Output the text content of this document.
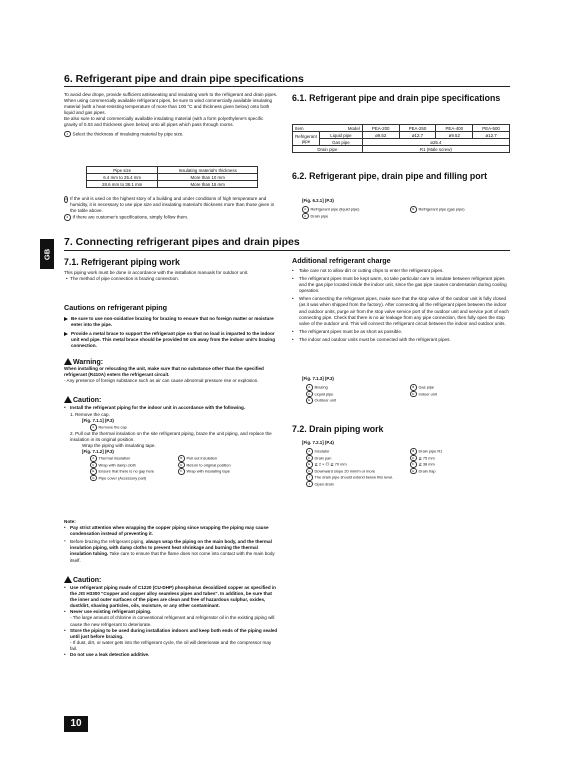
6. Refrigerant pipe and drain pipe specifications
To avoid dew drope, provide sufficient antisweating and insulating work to the refrigerant and drain pipes.
When using commercially available refrigerant pipes, be sure to wind commercially available insulating material (with a heat-resisting temperature of more than 100 °C and thickness given below) onto both liquid and gas pipes.
Be also sure to wind commercially available insulating material (with a form polyethylene's specific gravity of 0.03 and thickness given below) onto all pipes which pass through rooms.
1 Select the thickness of insulating material by pipe size.
Pipe size	Insulating material's thickness
6.4 mm to 25.4 mm	More than 10 mm
28.6 mm to 38.1 mm	More than 15 mm
2 If the unit is used on the highest story of a building and under conditions of high temperature and humidity, it is necessary to use pipe size and insulating material's thickness more than those given in the table above.
3 If there are customer's specifications, simply follow them.
6.1. Refrigerant pipe and drain pipe specifications
Item Model		PEA-200	PEA-250	PEA-400	PEA-500
Refrigerant pipe	Liquid pipe	ø9.52	ø12.7	ø9.52	ø12.7
	Gas pipe	ø25.4			
Drain pipe		R1 (Male screw)			
6.2. Refrigerant pipe, drain pipe and filling port
[Fig. 6.2.1] (P.3)
A Refrigerant pipe (liquid pipe)	B Refrigerant pipe (gas pipe)
C Drain pipe
GB
7. Connecting refrigerant pipes and drain pipes
7.1. Refrigerant piping work
This piping work must be done in accordance with the installation manuals for outdoor unit.
•  The method of pipe connection is brazing connection.
Cautions on refrigerant piping
Be sure to use non-oxidative brazing for brazing to ensure that no foreign matter or moisture enter into the pipe.
Provide a metal brace to support the refrigerant pipe so that no load is imparted to the indoor unit end pipe. This metal brace should be provided 50 cm away from the indoor unit's brazing connection.
Warning:
When installing or relocating the unit, make sure that no substance other than the specified refrigerant (R410A) enters the refrigerant circuit.
- Any presence of foreign substance such as air can cause abnormal pressure rise or explosion.
Caution:
• Install the refrigerant piping for the indoor unit in accordance with the following.
1. Remove the cap.
[Fig. 7.1.1] (P.3)
A Remove the cap
2. Pull out the thermal insulation on the site refrigerant piping, braze the unit piping, and replace the insulation in its original position.
Wrap the piping with insulating tape.
[Fig. 7.1.2] (P.3)
A Thermal insulation	B Pull out insulation
C Wrap with damp cloth	D Return to original position
E Ensure that there is no gap here	F Wrap with insulating tape
G Pipe cover (Accessory part)
Note:
• Pay strict attention when wrapping the copper piping since wrapping the piping may cause condensation instead of preventing it.
* Before brazing the refrigerant piping, always wrap the piping on the main body, and the thermal insulation piping, with damp cloths to prevent heat shrinkage and burning the thermal insulation tubing. Take care to ensure that the flame does not come into contact with the main body itself.
Caution:
• Use refrigerant piping made of C1220 (CU-DHP) phosphorus deoxidized copper as specified in the JIS H3300 "Copper and copper alloy seamless pipes and tubes". In addition, be sure that the inner and outer surfaces of the pipes are clean and free of hazardous sulphur, oxides, dust/dirt, shaving particles, oils, moisture, or any other contaminant.
• Never use existing refrigerant piping.
- The large amount of chlorine in conventional refrigerant and refrigerator oil in the existing piping will cause the new refrigerant to deteriorate.
• Store the piping to be used during installation indoors and keep both ends of the piping sealed until just before brazing.
- If dust, dirt, or water gets into the refrigerant cycle, the oil will deteriorate and the compressor may fail.
• Do not use a leak detection additive.
Additional refrigerant charge
•	Take care not to allow dirt or cutting chips to enter the refrigerant pipes.
•	The refrigerant pipes must be kept warm, so take particular care to insulate between refrigerant pipes and the gas pipe located inside the indoor unit, since the gas pipe causes condensation during cooling operation.
•	When connecting the refrigerant pipes, make sure that the stop valve of the outdoor unit is fully closed (as it was when shipped from the factory). After connecting all the refrigerant pipes between the indoor and outdoor units, purge air from the stop valve service port of the outdoor unit and service port of each connecting pipe. Check that there is no air leakage from any pipe connection, then fully open the stop valve of the outdoor unit. This will connect the refrigerant circuit between the indoor and outdoor units.
•	The refrigerant pipes must be as short as possible.
•	The indoor and outdoor units must be connected with the refrigerant pipes.
[Fig. 7.1.3] (P.3)
A Brazing	B Gas pipe
C Liquid pipe	D Indoor unit
E Outdoor unit
7.2. Drain piping work
[Fig. 7.2.1] (P.4)
A Insulator	B Drain pipe R1
C Drain pan	D ≧ 75 mm
E ≧ 2 × Ⓗ ≧ 70 mm	F ≧ 38 mm
G Downward slope 20 mm/m or more	H Drain trap
I The drain pipe should extend below this level.
J Open drain
10
